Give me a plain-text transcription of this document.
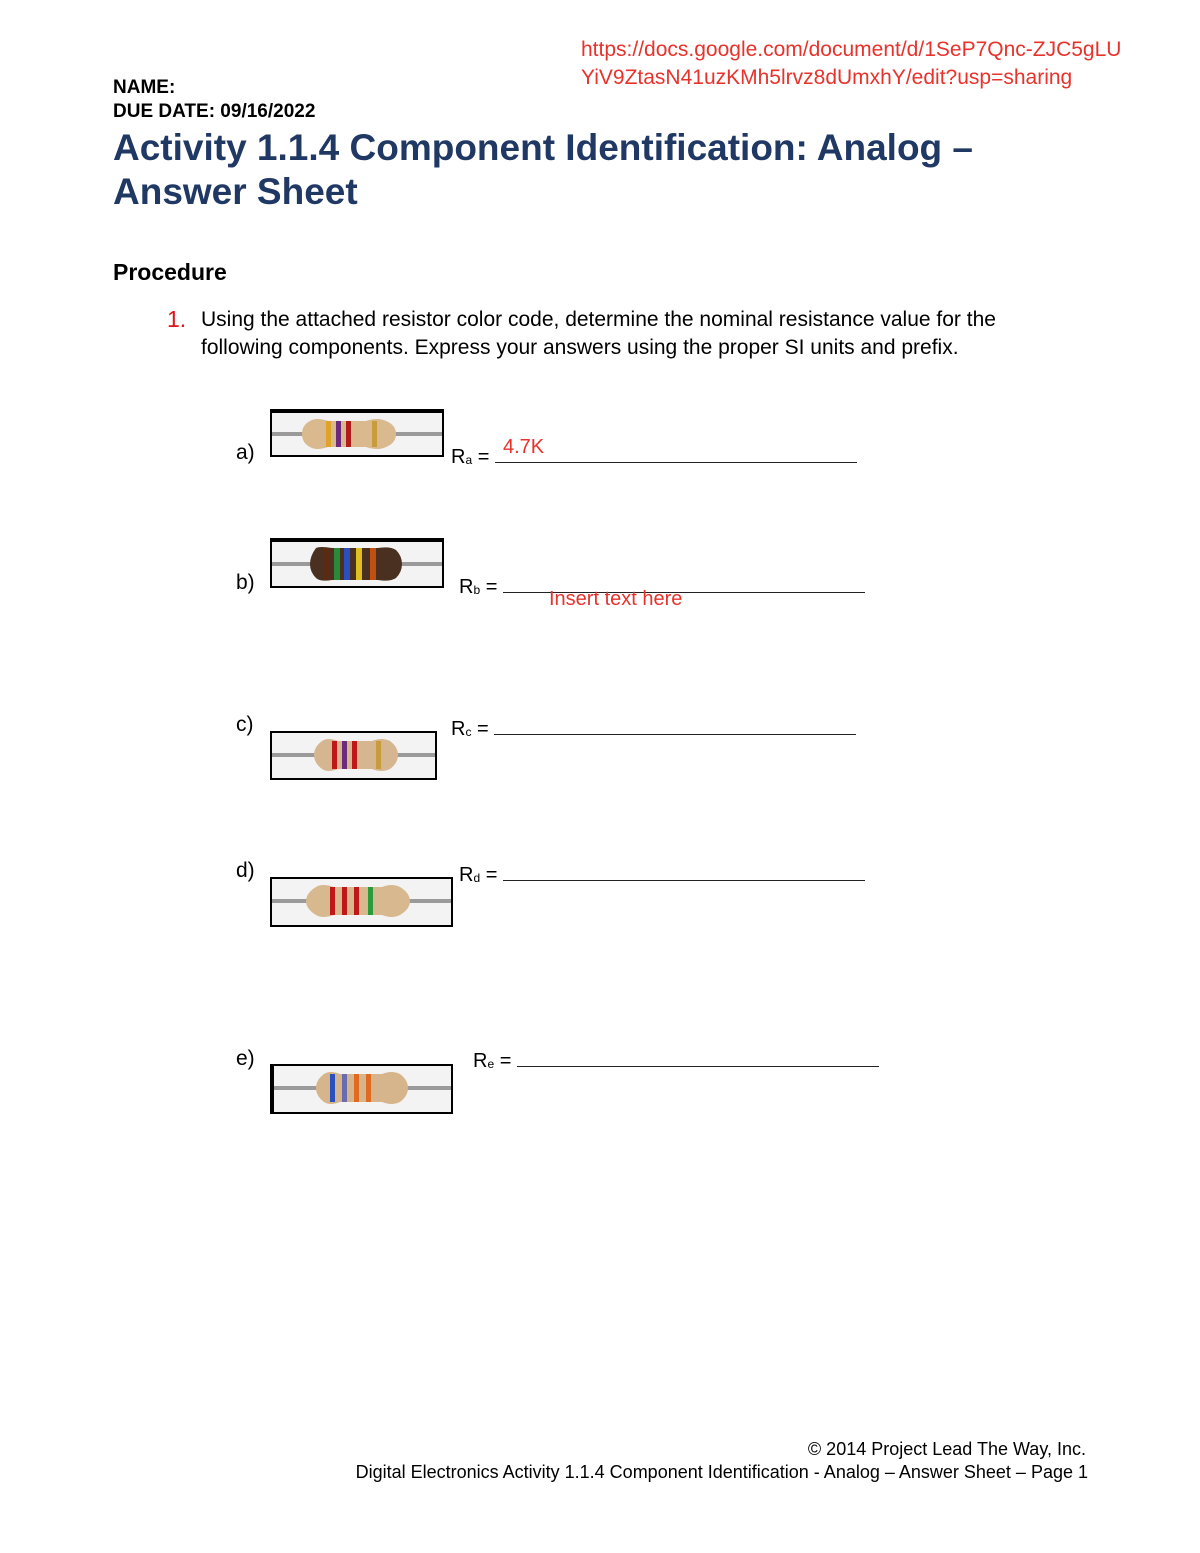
https://docs.google.com/document/d/1SeP7Qnc-ZJC5gLU
YiV9ZtasN41uzKMh5lrvz8dUmxhY/edit?usp=sharing
NAME:
DUE DATE: 09/16/2022
Activity 1.1.4 Component Identification: Analog – Answer Sheet
Procedure
1. Using the attached resistor color code, determine the nominal resistance value for the following components. Express your answers using the proper SI units and prefix.
a)	$R_a = 4.7K$
b)	$R_b$ =
Insert text here
c)	$R_c$ =
d)	$R_d$ =
e)	$R_e$ =
© 2014 Project Lead The Way, Inc.
Digital Electronics Activity 1.1.4 Component Identification - Analog – Answer Sheet – Page 1
